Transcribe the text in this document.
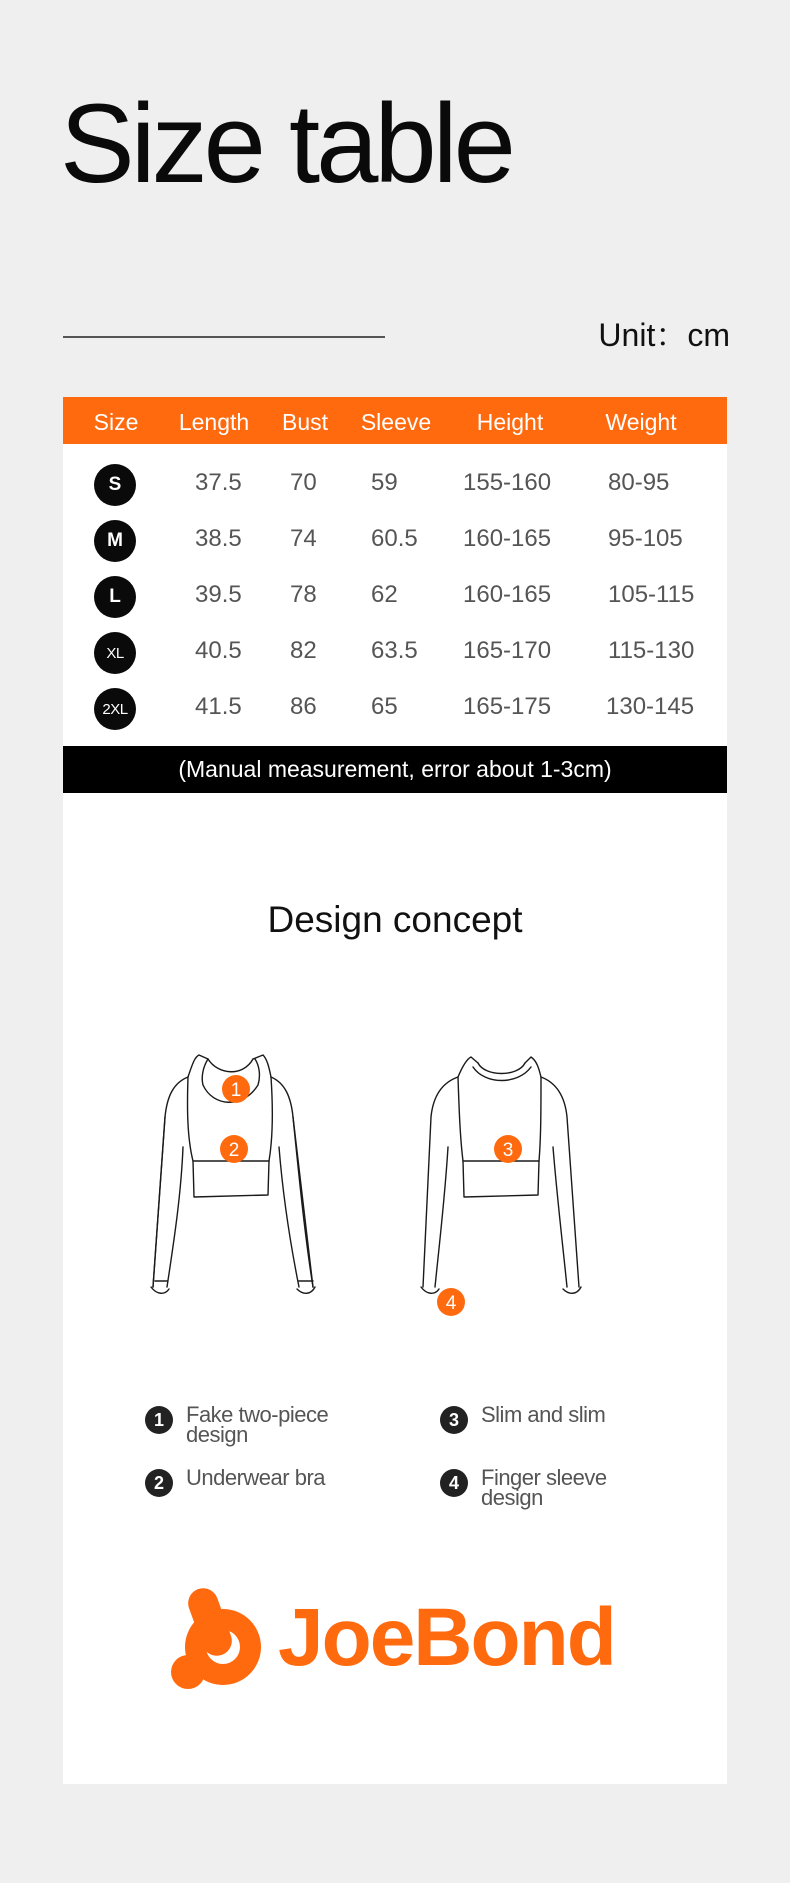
Size table
Unit：cm
Size Length Bust Sleeve Height	Weight
S	37.5 70 59	155-160 80-95
M	38.5 74 60.5 160-165 95-105
L	39.5 78 62	160-165 105-115
XL	40.5 82 63.5 165-170 115-130
2XL	41.5 86 65	165-175 130-145
(Manual measurement, error about 1-3cm)
Design concept
1
2	3
4
1	Fake two-piece design
3	Slim and slim
2	Underwear bra	4	Finger sleeve design
JoeBond
